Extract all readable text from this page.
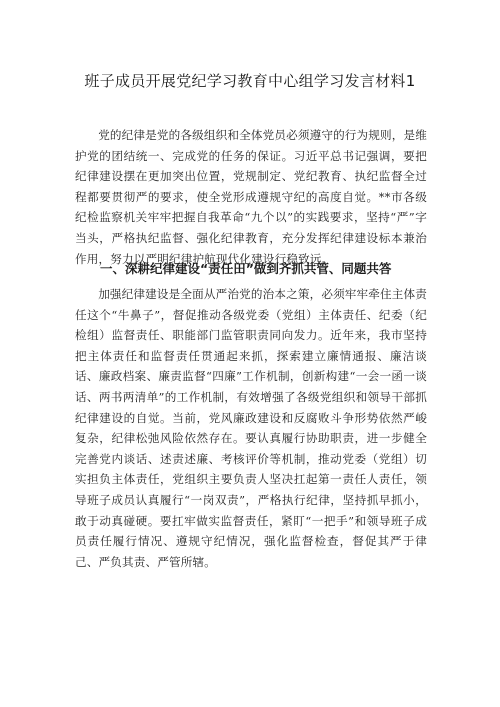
班子成员开展党纪学习教育中心组学习发言材料1

党的纪律是党的各级组织和全体党员必须遵守的行为规则，是维护党的团结统一、完成党的任务的保证。习近平总书记强调，要把纪律建设摆在更加突出位置，党规制定、党纪教育、执纪监督全过程都要贯彻严的要求，使全党形成遵规守纪的高度自觉。**市各级纪检监察机关牢牢把握自我革命“九个以”的实践要求，坚持“严”字当头，严格执纪监督、强化纪律教育，充分发挥纪律建设标本兼治作用，努力以严明纪律护航现代化建设行稳致远。

一、深耕纪律建设“责任田”做到齐抓共管、同题共答

加强纪律建设是全面从严治党的治本之策，必须牢牢牵住主体责任这个“牛鼻子”，督促推动各级党委（党组）主体责任、纪委（纪检组）监督责任、职能部门监管职责同向发力。近年来，我市坚持把主体责任和监督责任贯通起来抓，探索建立廉情通报、廉洁谈话、廉政档案、廉责监督“四廉”工作机制，创新构建“一会一函一谈话、两书两清单”的工作机制，有效增强了各级党组织和领导干部抓纪律建设的自觉。当前，党风廉政建设和反腐败斗争形势依然严峻复杂，纪律松弛风险依然存在。要认真履行协助职责，进一步健全完善党内谈话、述责述廉、考核评价等机制，推动党委（党组）切实担负主体责任，党组织主要负责人坚决扛起第一责任人责任，领导班子成员认真履行“一岗双责”，严格执行纪律，坚持抓早抓小，敢于动真碰硬。要扛牢做实监督责任，紧盯“一把手”和领导班子成员责任履行情况、遵规守纪情况，强化监督检查，督促其严于律己、严负其责、严管所辖。
